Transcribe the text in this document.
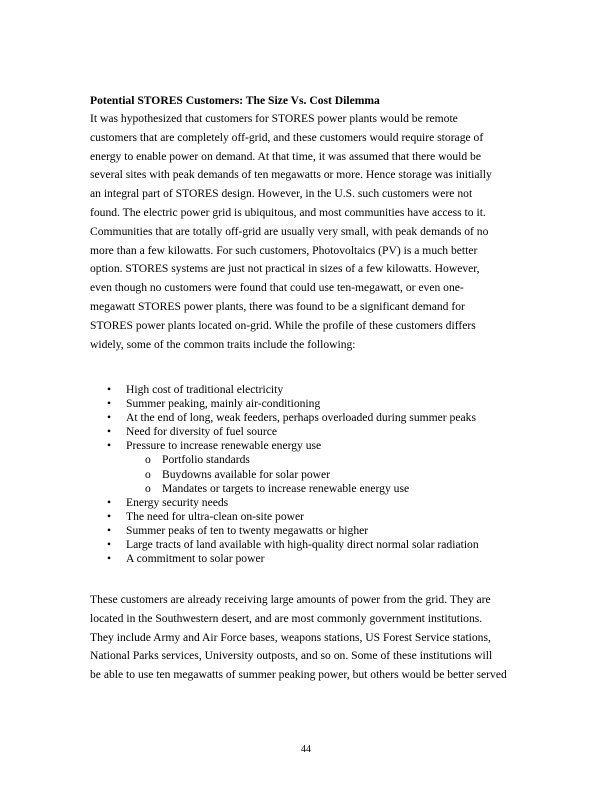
Potential STORES Customers: The Size Vs. Cost Dilemma

It was hypothesized that customers for STORES power plants would be remote
customers that are completely off-grid, and these customers would require storage of
energy to enable power on demand. At that time, it was assumed that there would be
several sites with peak demands of ten megawatts or more. Hence storage was initially
an integral part of STORES design. However, in the U.S. such customers were not
found. The electric power grid is ubiquitous, and most communities have access to it.
Communities that are totally off-grid are usually very small, with peak demands of no
more than a few kilowatts. For such customers, Photovoltaics (PV) is a much better
option. STORES systems are just not practical in sizes of a few kilowatts. However,
even though no customers were found that could use ten-megawatt, or even one-
megawatt STORES power plants, there was found to be a significant demand for
STORES power plants located on-grid. While the profile of these customers differs
widely, some of the common traits include the following:

• High cost of traditional electricity
• Summer peaking, mainly air-conditioning
• At the end of long, weak feeders, perhaps overloaded during summer peaks
• Need for diversity of fuel source
• Pressure to increase renewable energy use
o Portfolio standards
o Buydowns available for solar power
o Mandates or targets to increase renewable energy use
• Energy security needs
• The need for ultra-clean on-site power
• Summer peaks of ten to twenty megawatts or higher
• Large tracts of land available with high-quality direct normal solar radiation
• A commitment to solar power

These customers are already receiving large amounts of power from the grid. They are
located in the Southwestern desert, and are most commonly government institutions.
They include Army and Air Force bases, weapons stations, US Forest Service stations,
National Parks services, University outposts, and so on. Some of these institutions will
be able to use ten megawatts of summer peaking power, but others would be better served

44
